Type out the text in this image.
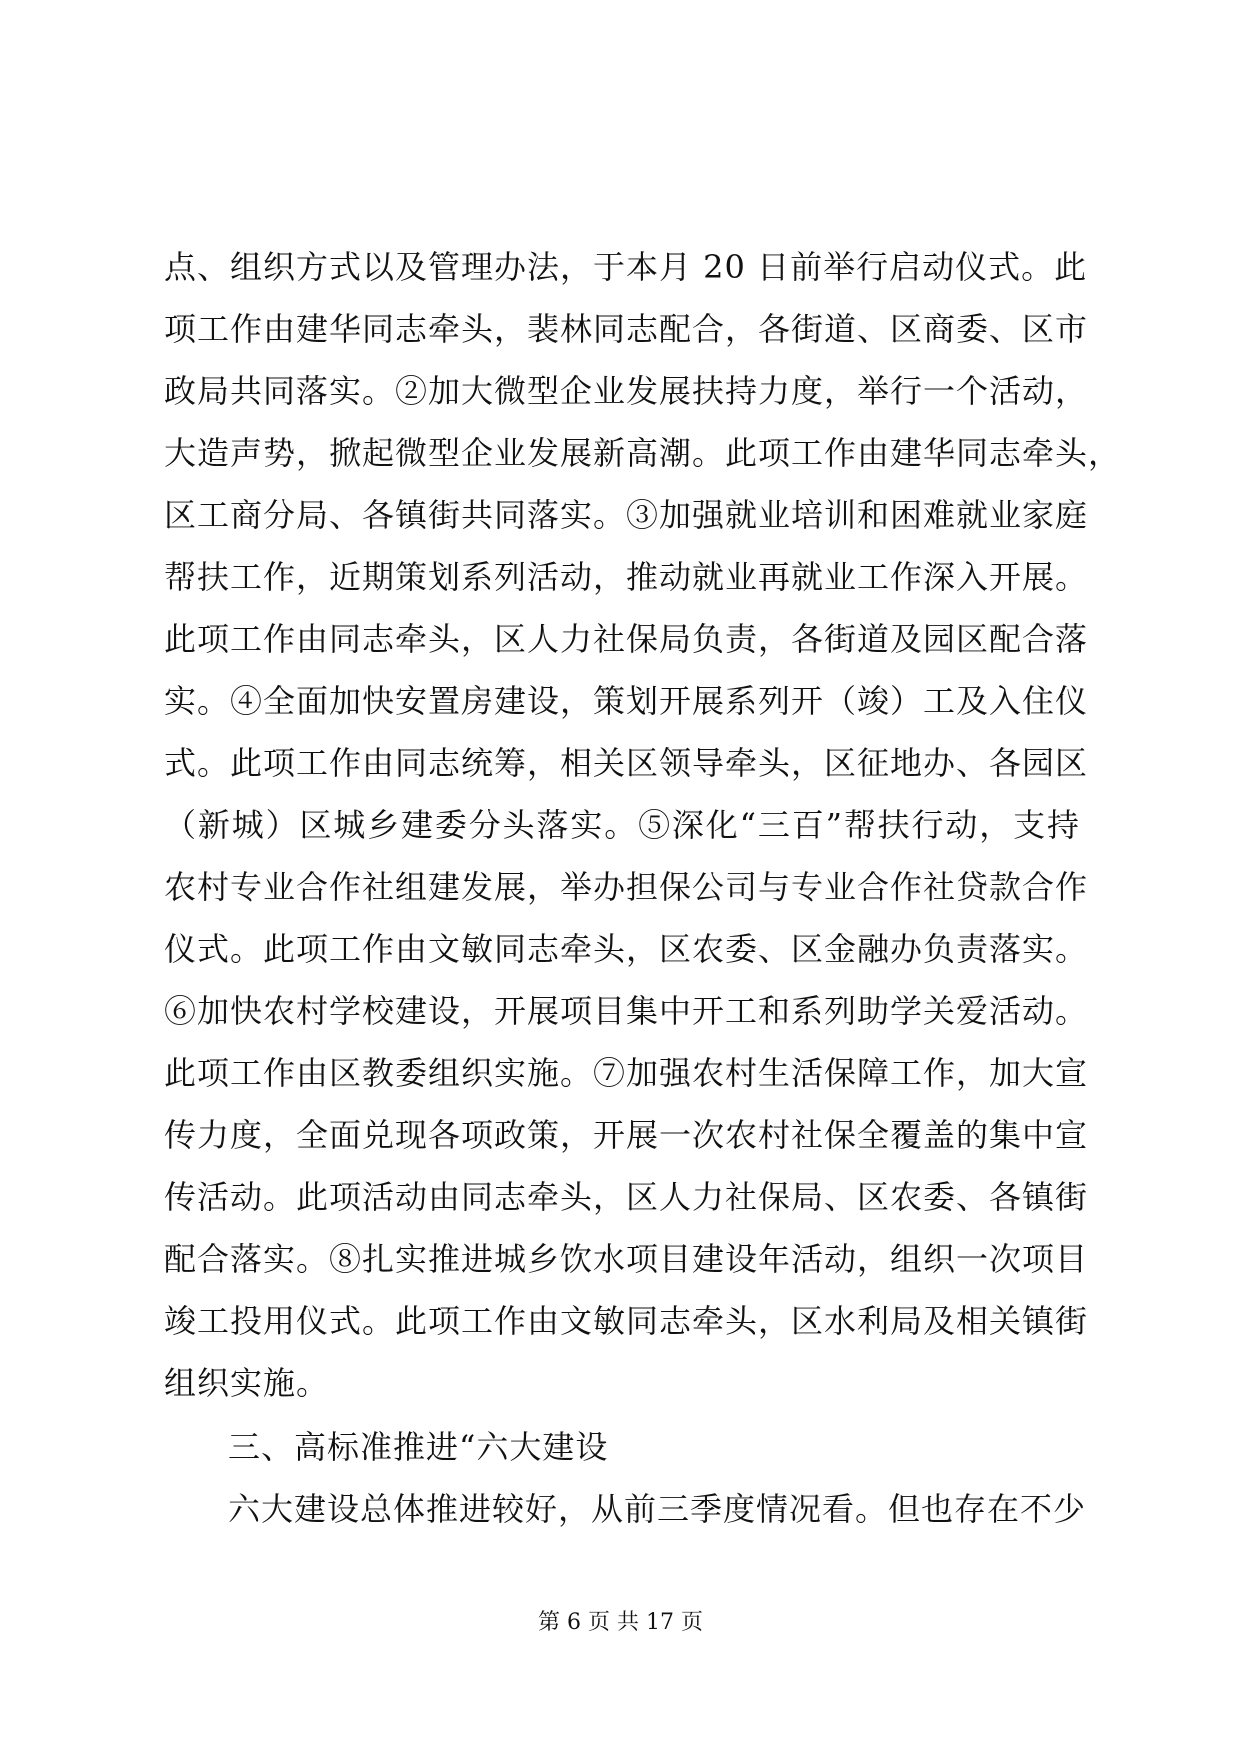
点、组织方式以及管理办法，于本月 20 日前举行启动仪式。此
项工作由建华同志牵头，裴林同志配合，各街道、区商委、区市
政局共同落实。②加大微型企业发展扶持力度，举行一个活动，
大造声势，掀起微型企业发展新高潮。此项工作由建华同志牵头，
区工商分局、各镇街共同落实。③加强就业培训和困难就业家庭
帮扶工作，近期策划系列活动，推动就业再就业工作深入开展。
此项工作由同志牵头，区人力社保局负责，各街道及园区配合落
实。④全面加快安置房建设，策划开展系列开（竣）工及入住仪
式。此项工作由同志统筹，相关区领导牵头，区征地办、各园区
（新城）区城乡建委分头落实。⑤深化“三百”帮扶行动，支持
农村专业合作社组建发展，举办担保公司与专业合作社贷款合作
仪式。此项工作由文敏同志牵头，区农委、区金融办负责落实。
⑥加快农村学校建设，开展项目集中开工和系列助学关爱活动。
此项工作由区教委组织实施。⑦加强农村生活保障工作，加大宣
传力度，全面兑现各项政策，开展一次农村社保全覆盖的集中宣
传活动。此项活动由同志牵头，区人力社保局、区农委、各镇街
配合落实。⑧扎实推进城乡饮水项目建设年活动，组织一次项目
竣工投用仪式。此项工作由文敏同志牵头，区水利局及相关镇街
组织实施。

三、高标准推进“六大建设

六大建设总体推进较好，从前三季度情况看。但也存在不少

第 6 页 共 17 页
